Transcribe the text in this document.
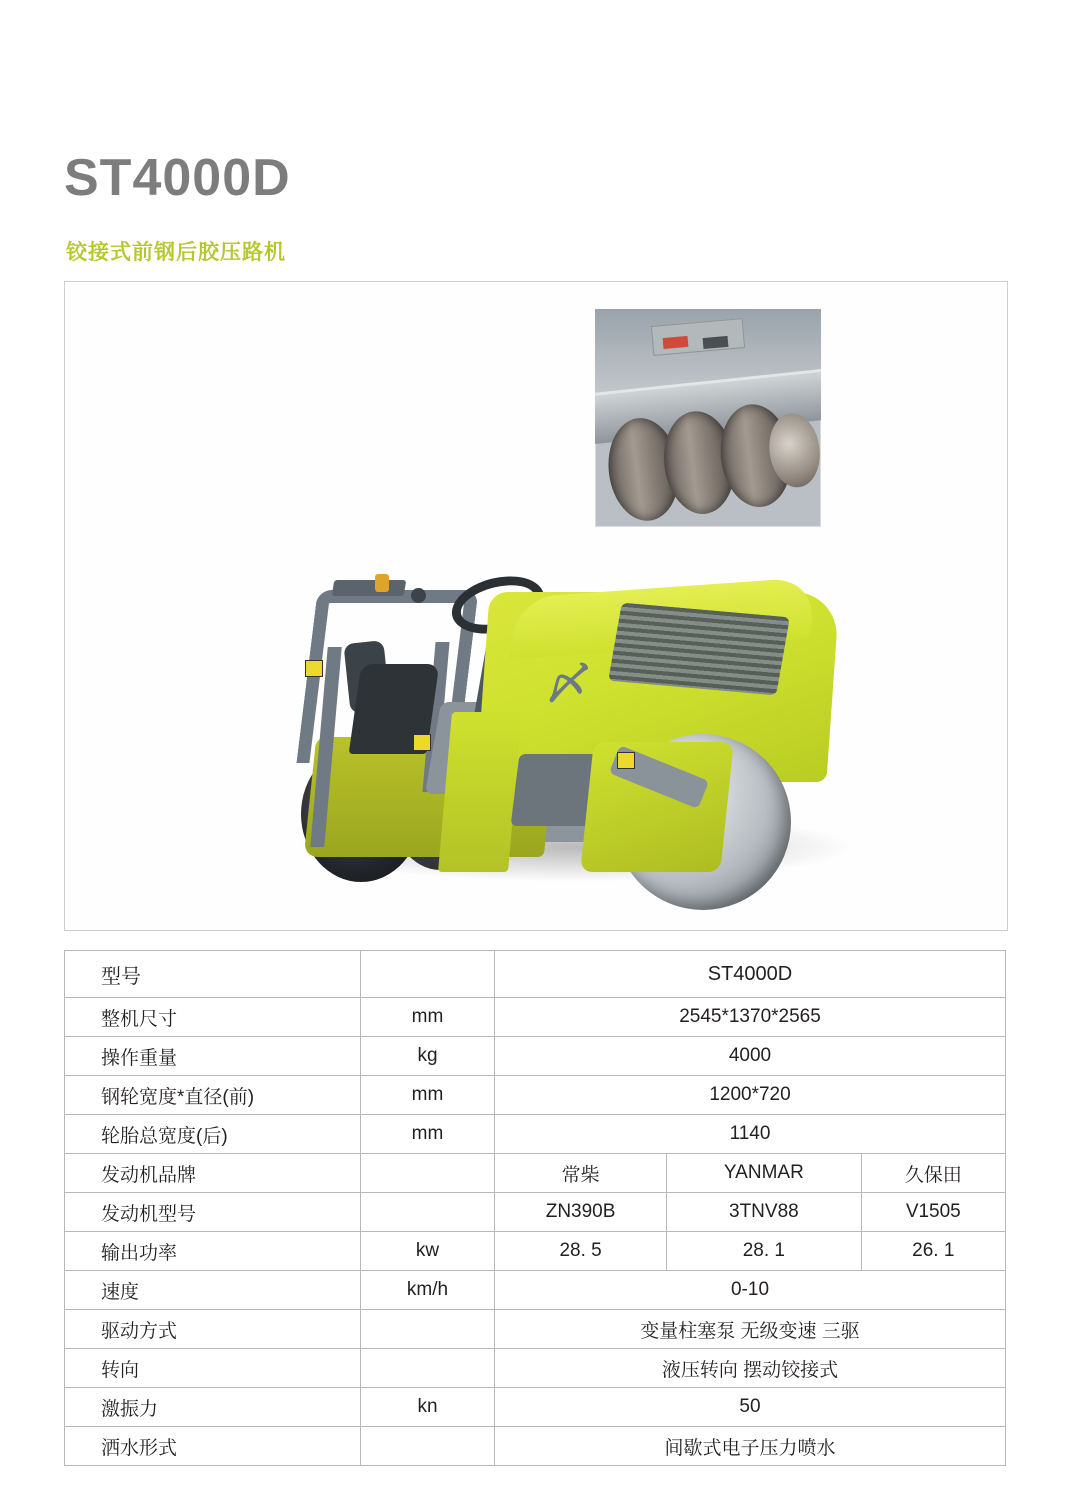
ST4000D
铰接式前钢后胶压路机
〆
型号		ST4000D		
整机尺寸	mm	2545*1370*2565		
操作重量	kg	4000		
钢轮宽度*直径(前)	mm	1200*720		
轮胎总宽度(后)	mm	1140		
发动机品牌		常柴	YANMAR	久保田
发动机型号		ZN390B	3TNV88	V1505
输出功率	kw	28. 5	28. 1	26. 1
速度	km/h	0-10		
驱动方式		变量柱塞泵 无级变速 三驱		
转向		液压转向 摆动铰接式		
激振力	kn	50		
洒水形式		间歇式电子压力喷水		
